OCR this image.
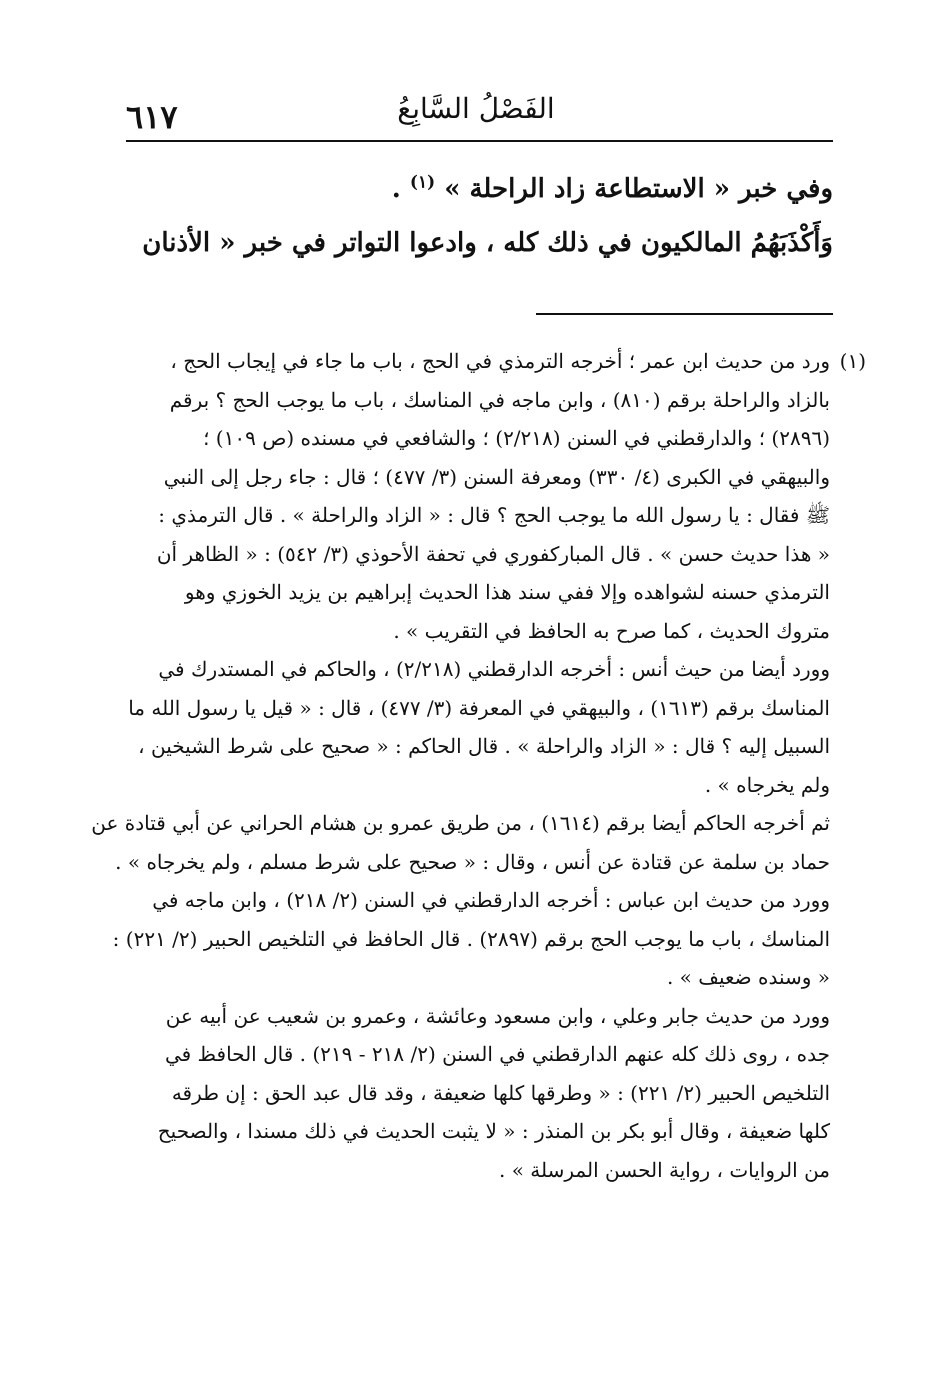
٦١٧	الفَصْلُ السَّابِعُ
وفي خبر « الاستطاعة زاد الراحلة » $^{(١)}$ .
وَأَكْذَبَهُمُ المالكيون في ذلك كله ، وادعوا التواتر في خبر « الأذنان
(١)ورد من حديث ابن عمر ؛ أخرجه الترمذي في الحج ، باب ما جاء في إيجاب الحج ،
بالزاد والراحلة برقم (٨١٠) ، وابن ماجه في المناسك ، باب ما يوجب الحج ؟ برقم
(٢٨٩٦) ؛ والدارقطني في السنن (٢/٢١٨) ؛ والشافعي في مسنده (ص ١٠٩) ؛
والبيهقي في الكبرى (٤/ ٣٣٠) ومعرفة السنن (٣/ ٤٧٧) ؛ قال : جاء رجل إلى النبي
ﷺ فقال : يا رسول الله ما يوجب الحج ؟ قال : « الزاد والراحلة » . قال الترمذي :
« هذا حديث حسن » . قال المباركفوري في تحفة الأحوذي (٣/ ٥٤٢) : « الظاهر أن
الترمذي حسنه لشواهده وإلا ففي سند هذا الحديث إبراهيم بن يزيد الخوزي وهو
متروك الحديث ، كما صرح به الحافظ في التقريب » .
وورد أيضا من حيث أنس : أخرجه الدارقطني (٢/٢١٨) ، والحاكم في المستدرك في
المناسك برقم (١٦١٣) ، والبيهقي في المعرفة (٣/ ٤٧٧) ، قال : « قيل يا رسول الله ما
السبيل إليه ؟ قال : « الزاد والراحلة » . قال الحاكم : « صحيح على شرط الشيخين ،
ولم يخرجاه » .
ثم أخرجه الحاكم أيضا برقم (١٦١٤) ، من طريق عمرو بن هشام الحراني عن أبي قتادة عن
حماد بن سلمة عن قتادة عن أنس ، وقال : « صحيح على شرط مسلم ، ولم يخرجاه » .
وورد من حديث ابن عباس : أخرجه الدارقطني في السنن (٢/ ٢١٨) ، وابن ماجه في
المناسك ، باب ما يوجب الحج برقم (٢٨٩٧) . قال الحافظ في التلخيص الحبير (٢/ ٢٢١) :
« وسنده ضعيف » .
وورد من حديث جابر وعلي ، وابن مسعود وعائشة ، وعمرو بن شعيب عن أبيه عن
جده ، روى ذلك كله عنهم الدارقطني في السنن (٢/ ٢١٨ - ٢١٩) . قال الحافظ في
التلخيص الحبير (٢/ ٢٢١) : « وطرقها كلها ضعيفة ، وقد قال عبد الحق : إن طرقه
كلها ضعيفة ، وقال أبو بكر بن المنذر : « لا يثبت الحديث في ذلك مسندا ، والصحيح
من الروايات ، رواية الحسن المرسلة » .
